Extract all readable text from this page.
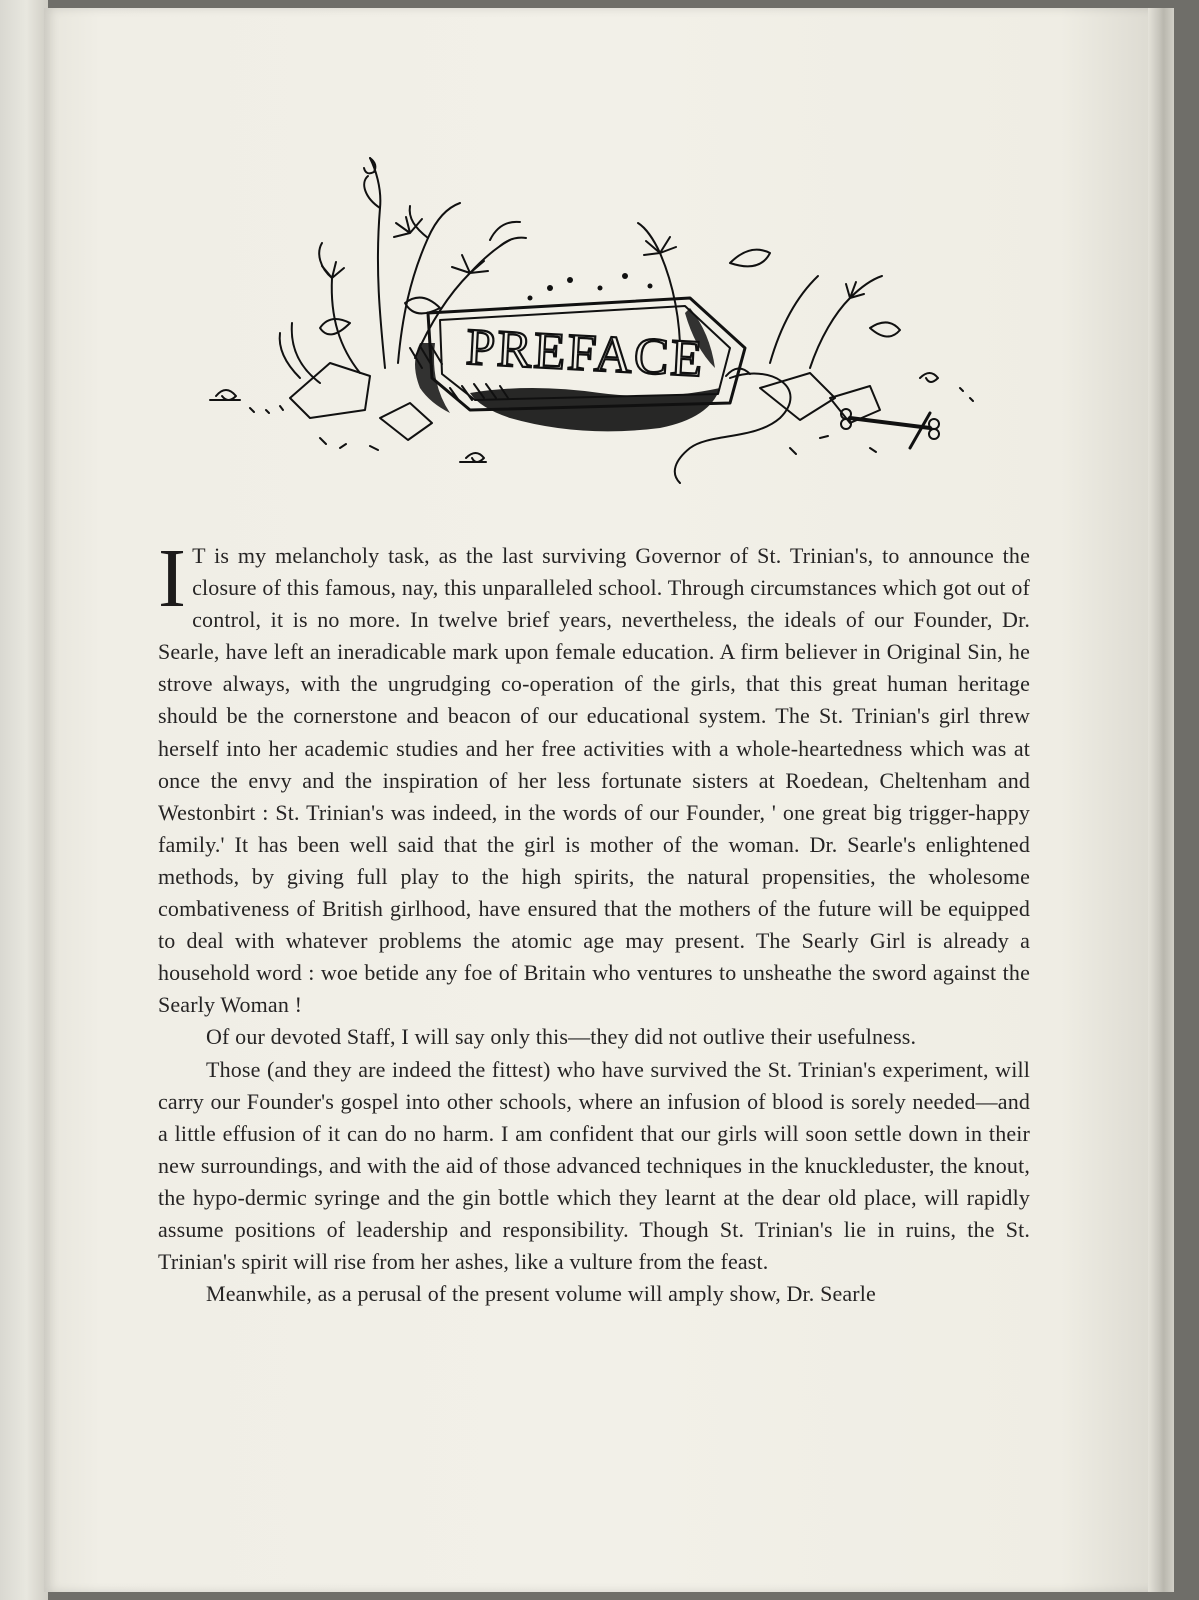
PREFACE

I T is my melancholy task, as the last surviving Governor of St. Trinian's, to announce the closure of this famous, nay, this unparalleled school. Through circumstances which got out of control, it is no more. In twelve brief years, nevertheless, the ideals of our Founder, Dr. Searle, have left an ineradicable mark upon female education. A firm believer in Original Sin, he strove always, with the ungrudging co-operation of the girls, that this great human heritage should be the cornerstone and beacon of our educational system. The St. Trinian's girl threw herself into her academic studies and her free activities with a whole-heartedness which was at once the envy and the inspiration of her less fortunate sisters at Roedean, Cheltenham and Westonbirt : St. Trinian's was indeed, in the words of our Founder, ' one great big trigger-happy family.' It has been well said that the girl is mother of the woman. Dr. Searle's enlightened methods, by giving full play to the high spirits, the natural propensities, the wholesome combativeness of British girlhood, have ensured that the mothers of the future will be equipped to deal with whatever problems the atomic age may present. The Searly Girl is already a household word : woe betide any foe of Britain who ventures to unsheathe the sword against the Searly Woman !

Of our devoted Staff, I will say only this—they did not outlive their usefulness.

Those (and they are indeed the fittest) who have survived the St. Trinian's experiment, will carry our Founder's gospel into other schools, where an infusion of blood is sorely needed—and a little effusion of it can do no harm. I am confident that our girls will soon settle down in their new surroundings, and with the aid of those advanced techniques in the knuckleduster, the knout, the hypo-dermic syringe and the gin bottle which they learnt at the dear old place, will rapidly assume positions of leadership and responsibility. Though St. Trinian's lie in ruins, the St. Trinian's spirit will rise from her ashes, like a vulture from the feast.

Meanwhile, as a perusal of the present volume will amply show, Dr. Searle
